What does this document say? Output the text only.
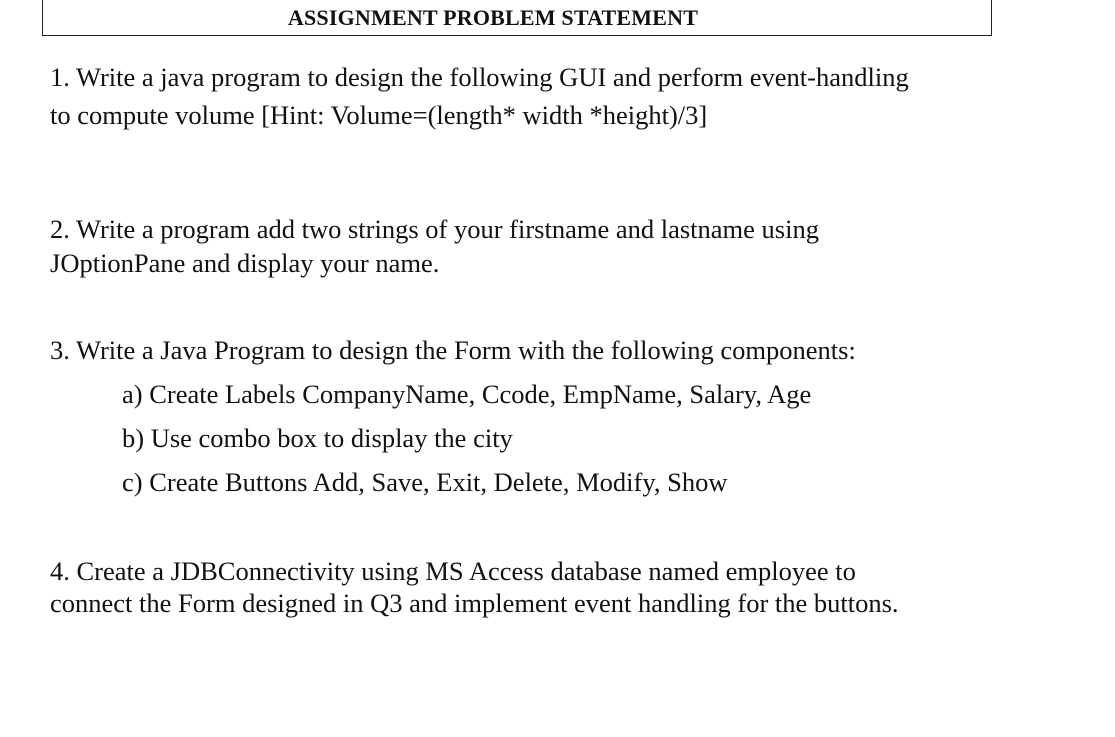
ASSIGNMENT PROBLEM STATEMENT
1. Write a java program to design the following GUI and perform event-handling
to compute volume [Hint: Volume=(length* width *height)/3]
2. Write a program add two strings of your firstname and lastname using
JOptionPane and display your name.
3. Write a Java Program to design the Form with the following components:
a) Create Labels CompanyName, Ccode, EmpName, Salary, Age
b) Use combo box to display the city
c) Create Buttons Add, Save, Exit, Delete, Modify, Show
4. Create a JDBConnectivity using MS Access database named employee to
connect the Form designed in Q3 and implement event handling for the buttons.
